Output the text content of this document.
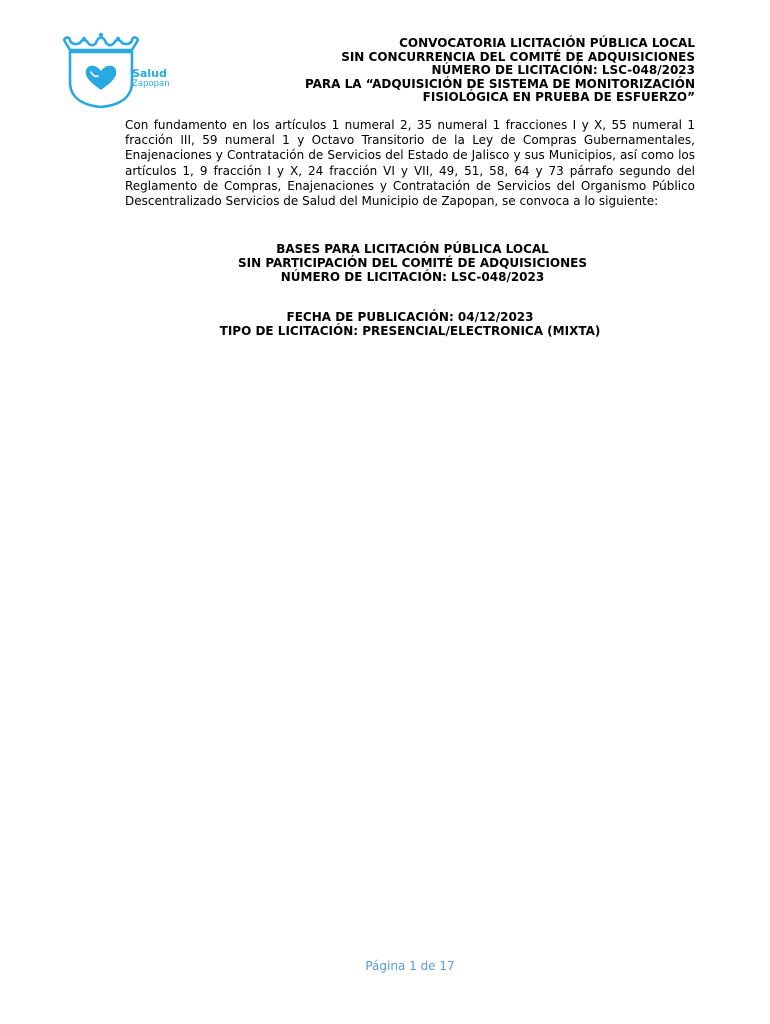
Salud
Zapopan
CONVOCATORIA LICITACIÓN PÚBLICA LOCAL
SIN CONCURRENCIA DEL COMITÉ DE ADQUISICIONES
NÚMERO DE LICITACIÓN: LSC-048/2023
PARA LA “ADQUISICIÓN DE SISTEMA DE MONITORIZACIÓN
FISIOLÓGICA EN PRUEBA DE ESFUERZO”
Con fundamento en los artículos 1 numeral 2, 35 numeral 1 fracciones I y X, 55 numeral 1 fracción III, 59 numeral 1 y Octavo Transitorio de la Ley de Compras Gubernamentales, Enajenaciones y Contratación de Servicios del Estado de Jalisco y sus Municipios, así como los artículos 1, 9 fracción I y X, 24 fracción VI y VII, 49, 51, 58, 64 y 73 párrafo segundo del Reglamento de Compras, Enajenaciones y Contratación de Servicios del Organismo Público Descentralizado Servicios de Salud del Municipio de Zapopan, se convoca a lo siguiente:
BASES PARA LICITACIÓN PÚBLICA LOCAL
SIN PARTICIPACIÓN DEL COMITÉ DE ADQUISICIONES
NÚMERO DE LICITACIÓN: LSC-048/2023
FECHA DE PUBLICACIÓN: 04/12/2023
TIPO DE LICITACIÓN: PRESENCIAL/ELECTRONICA (MIXTA)
Página 1 de 17
